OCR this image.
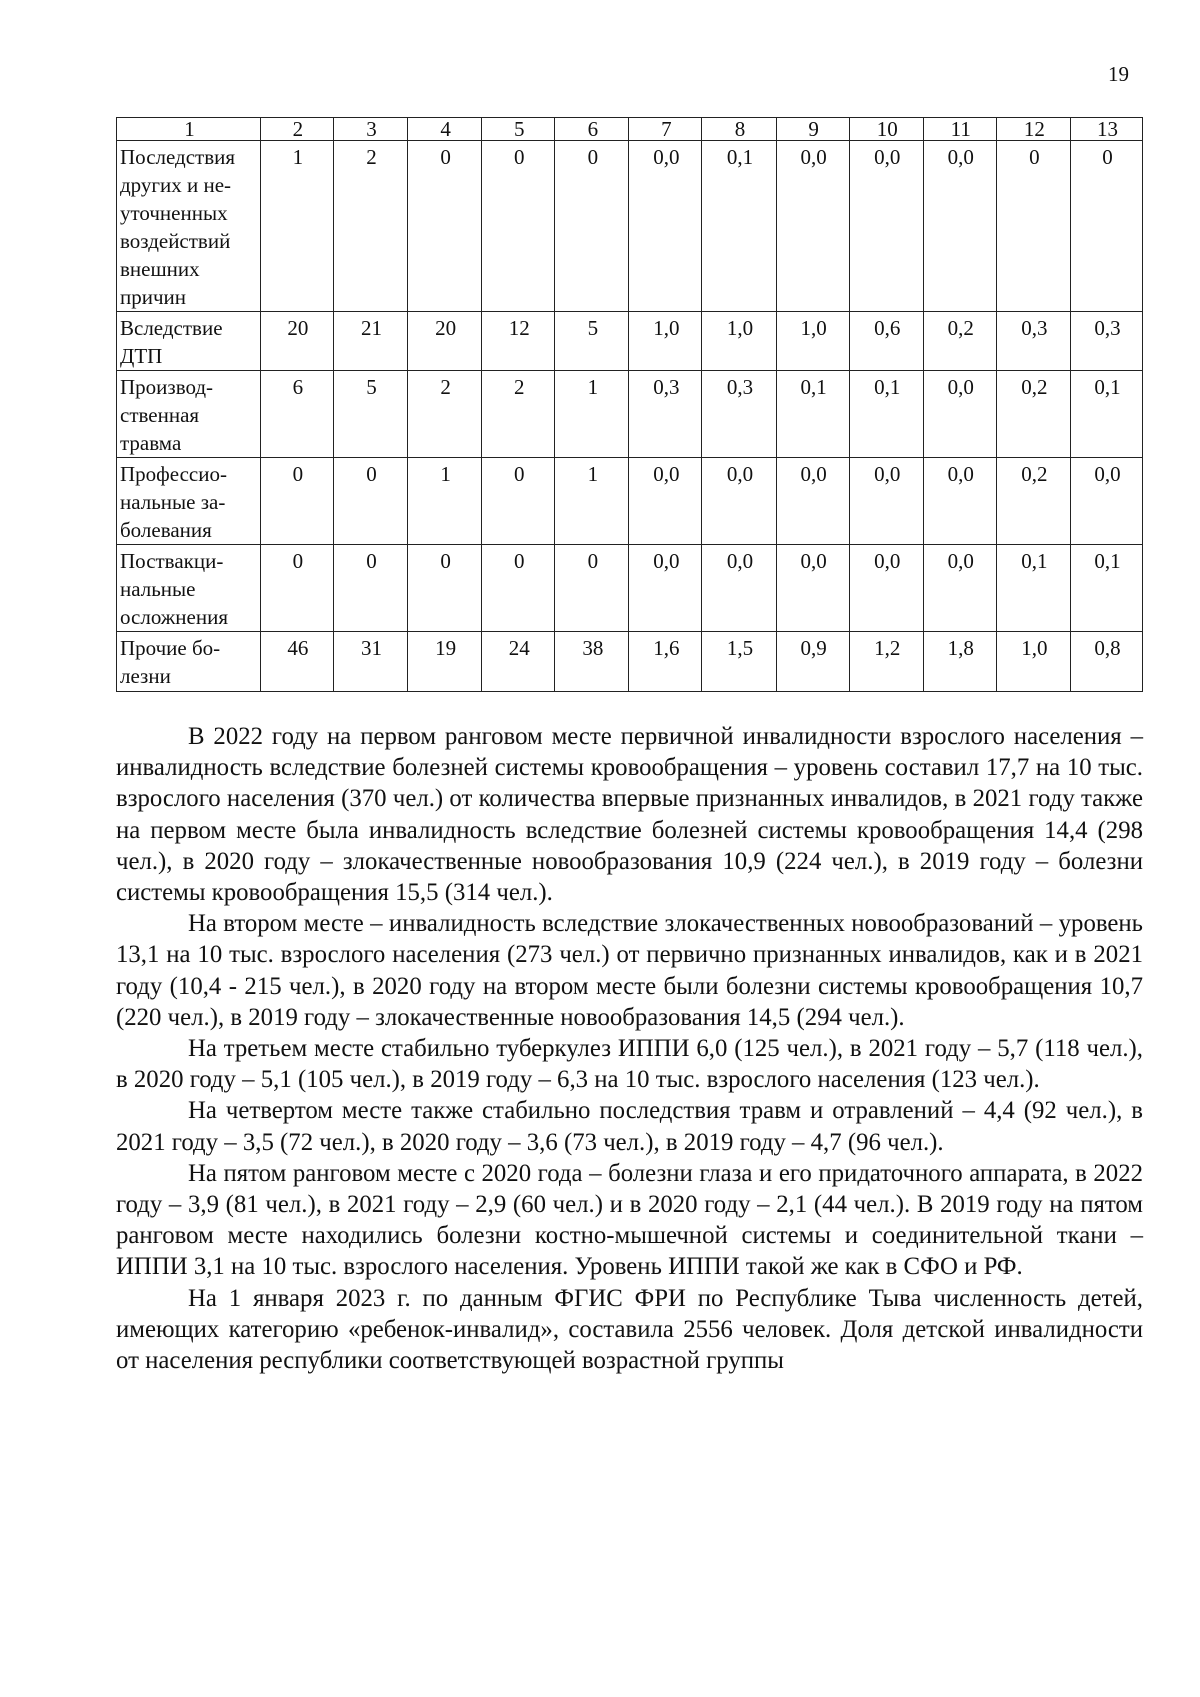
19
1	2	3	4	5	6	7	8	9	10	11	12	13
Последствия других и не-уточненных воздействий внешних причин	1	2	0	0	0	0,0	0,1	0,0	0,0	0,0	0	0
Вследствие ДТП	20	21	20	12	5	1,0	1,0	1,0	0,6	0,2	0,3	0,3
Производ-ственная травма	6	5	2	2	1	0,3	0,3	0,1	0,1	0,0	0,2	0,1
Профессио-нальные за-болевания	0	0	1	0	1	0,0	0,0	0,0	0,0	0,0	0,2	0,0
Поствакци-нальные осложнения	0	0	0	0	0	0,0	0,0	0,0	0,0	0,0	0,1	0,1
Прочие бо-лезни	46	31	19	24	38	1,6	1,5	0,9	1,2	1,8	1,0	0,8

В 2022 году на первом ранговом месте первичной инвалидности взрослого населения – инвалидность вследствие болезней системы кровообращения – уровень составил 17,7 на 10 тыс. взрослого населения (370 чел.) от количества впервые признанных инвалидов, в 2021 году также на первом месте была инвалидность вследствие болезней системы кровообращения 14,4 (298 чел.), в 2020 году – злокачественные новообразования 10,9 (224 чел.), в 2019 году – болезни системы кровообращения 15,5 (314 чел.).

На втором месте – инвалидность вследствие злокачественных новообразований – уровень 13,1 на 10 тыс. взрослого населения (273 чел.) от первично признанных инвалидов, как и в 2021 году (10,4 - 215 чел.), в 2020 году на втором месте были болезни системы кровообращения 10,7 (220 чел.), в 2019 году – злокачественные новообразования 14,5 (294 чел.).

На третьем месте стабильно туберкулез ИППИ 6,0 (125 чел.), в 2021 году – 5,7 (118 чел.), в 2020 году – 5,1 (105 чел.), в 2019 году – 6,3 на 10 тыс. взрослого населения (123 чел.).

На четвертом месте также стабильно последствия травм и отравлений – 4,4 (92 чел.), в 2021 году – 3,5 (72 чел.), в 2020 году – 3,6 (73 чел.), в 2019 году – 4,7 (96 чел.).

На пятом ранговом месте с 2020 года – болезни глаза и его придаточного аппарата, в 2022 году – 3,9 (81 чел.), в 2021 году – 2,9 (60 чел.) и в 2020 году – 2,1 (44 чел.). В 2019 году на пятом ранговом месте находились болезни костно-мышечной системы и соединительной ткани – ИППИ 3,1 на 10 тыс. взрослого населения. Уровень ИППИ такой же как в СФО и РФ.

На 1 января 2023 г. по данным ФГИС ФРИ по Республике Тыва численность детей, имеющих категорию «ребенок-инвалид», составила 2556 человек. Доля детской инвалидности от населения республики соответствующей возрастной группы
